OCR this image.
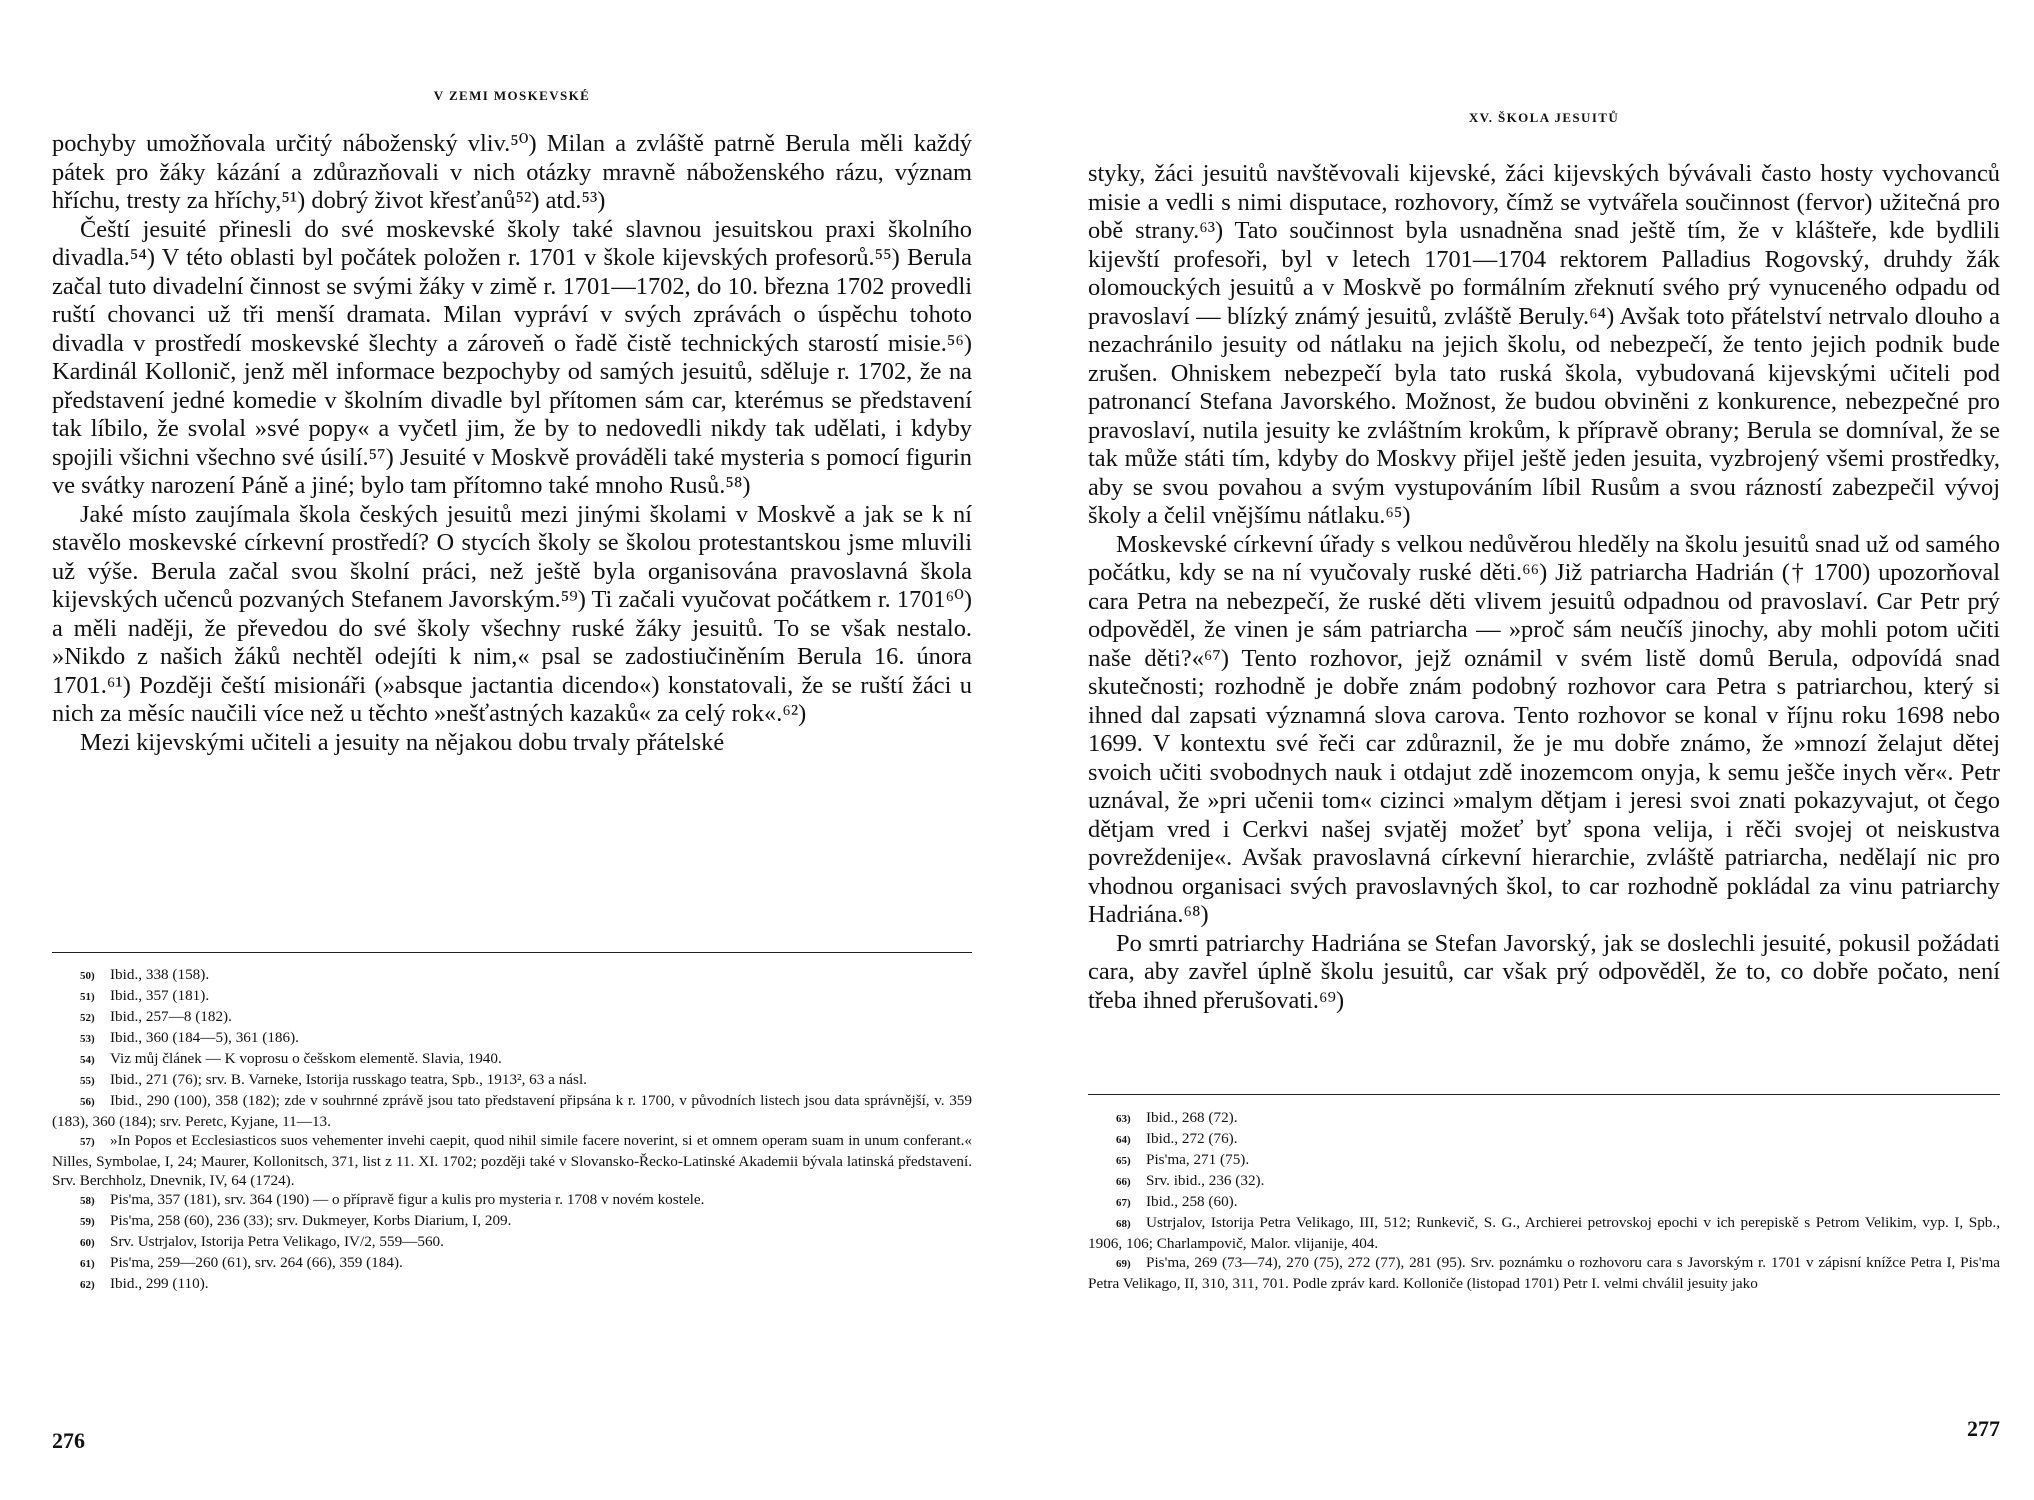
V ZEMI MOSKEVSKÉ

pochyby umožňovala určitý náboženský vliv.⁵⁰) Milan a zvláště patrně Berula měli každý pátek pro žáky kázání a zdůrazňovali v nich otázky mravně náboženského rázu, význam hříchu, tresty za hříchy,⁵¹) dobrý život křesťanů⁵²) atd.⁵³)

Čeští jesuité přinesli do své moskevské školy také slavnou jesuitskou praxi školního divadla.⁵⁴) V této oblasti byl počátek položen r. 1701 v škole kijevských profesorů.⁵⁵) Berula začal tuto divadelní činnost se svými žáky v zimě r. 1701—1702, do 10. března 1702 provedli ruští chovanci už tři menší dramata. Milan vypráví v svých zprávách o úspěchu tohoto divadla v prostředí moskevské šlechty a zároveň o řadě čistě technických starostí misie.⁵⁶) Kardinál Kollonič, jenž měl informace bezpochyby od samých jesuitů, sděluje r. 1702, že na představení jedné komedie v školním divadle byl přítomen sám car, kterémus se představení tak líbilo, že svolal »své popy« a vyčetl jim, že by to nedovedli nikdy tak udělati, i kdyby spojili všichni všechno své úsilí.⁵⁷) Jesuité v Moskvě prováděli také mysteria s pomocí figurin ve svátky narození Páně a jiné; bylo tam přítomno také mnoho Rusů.⁵⁸)

Jaké místo zaujímala škola českých jesuitů mezi jinými školami v Moskvě a jak se k ní stavělo moskevské církevní prostředí? O stycích školy se školou protestantskou jsme mluvili už výše. Berula začal svou školní práci, než ještě byla organisována pravoslavná škola kijevských učenců pozvaných Stefanem Javorským.⁵⁹) Ti začali vyučovat počátkem r. 1701⁶⁰) a měli naději, že převedou do své školy všechny ruské žáky jesuitů. To se však nestalo. »Nikdo z našich žáků nechtěl odejíti k nim,« psal se zadostiučiněním Berula 16. února 1701.⁶¹) Později čeští misionáři (»absque jactantia dicendo«) konstatovali, že se ruští žáci u nich za měsíc naučili více než u těchto »nešťastných kazaků« za celý rok«.⁶²)

Mezi kijevskými učiteli a jesuity na nějakou dobu trvaly přátelské

50) Ibid., 338 (158).
51) Ibid., 357 (181).
52) Ibid., 257—8 (182).
53) Ibid., 360 (184—5), 361 (186).
54) Viz můj článek — K voprosu o češskom elementě. Slavia, 1940.
55) Ibid., 271 (76); srv. B. Varneke, Istorija russkago teatra, Spb., 1913², 63 a násl.
56) Ibid., 290 (100), 358 (182); zde v souhrnné zprávě jsou tato představení připsána k r. 1700, v původních listech jsou data správnější, v. 359 (183), 360 (184); srv. Peretc, Kyjane, 11—13.
57) »In Popos et Ecclesiasticos suos vehementer invehi caepit, quod nihil simile facere noverint, si et omnem operam suam in unum conferant.« Nilles, Symbolae, I, 24; Maurer, Kollonitsch, 371, list z 11. XI. 1702; později také v Slovansko-Řecko-Latinské Akademii bývala latinská představení. Srv. Berchholz, Dnevnik, IV, 64 (1724).
58) Pis'ma, 357 (181), srv. 364 (190) — o přípravě figur a kulis pro mysteria r. 1708 v novém kostele.
59) Pis'ma, 258 (60), 236 (33); srv. Dukmeyer, Korbs Diarium, I, 209.
60) Srv. Ustrjalov, Istorija Petra Velikago, IV/2, 559—560.
61) Pis'ma, 259—260 (61), srv. 264 (66), 359 (184).
62) Ibid., 299 (110).
276
XV. ŠKOLA JESUITŮ

styky, žáci jesuitů navštěvovali kijevské, žáci kijevských bývávali často hosty vychovanců misie a vedli s nimi disputace, rozhovory, čímž se vytvářela součinnost (fervor) užitečná pro obě strany.⁶³) Tato součinnost byla usnadněna snad ještě tím, že v klášteře, kde bydlili kijevští profesoři, byl v letech 1701—1704 rektorem Palladius Rogovský, druhdy žák olomouckých jesuitů a v Moskvě po formálním zřeknutí svého prý vynuceného odpadu od pravoslaví — blízký známý jesuitů, zvláště Beruly.⁶⁴) Avšak toto přátelství netrvalo dlouho a nezachránilo jesuity od nátlaku na jejich školu, od nebezpečí, že tento jejich podnik bude zrušen. Ohniskem nebezpečí byla tato ruská škola, vybudovaná kijevskými učiteli pod patronancí Stefana Javorského. Možnost, že budou obviněni z konkurence, nebezpečné pro pravoslaví, nutila jesuity ke zvláštním krokům, k přípravě obrany; Berula se domníval, že se tak může státi tím, kdyby do Moskvy přijel ještě jeden jesuita, vyzbrojený všemi prostředky, aby se svou povahou a svým vystupováním líbil Rusům a svou rázností zabezpečil vývoj školy a čelil vnějšímu nátlaku.⁶⁵)

Moskevské církevní úřady s velkou nedůvěrou hleděly na školu jesuitů snad už od samého počátku, kdy se na ní vyučovaly ruské děti.⁶⁶) Již patriarcha Hadrián († 1700) upozorňoval cara Petra na nebezpečí, že ruské děti vlivem jesuitů odpadnou od pravoslaví. Car Petr prý odpověděl, že vinen je sám patriarcha — »proč sám neučíš jinochy, aby mohli potom učiti naše děti?«⁶⁷) Tento rozhovor, jejž oznámil v svém listě domů Berula, odpovídá snad skutečnosti; rozhodně je dobře znám podobný rozhovor cara Petra s patriarchou, který si ihned dal zapsati významná slova carova. Tento rozhovor se konal v říjnu roku 1698 nebo 1699. V kontextu své řeči car zdůraznil, že je mu dobře známo, že »mnozí želajut dětej svoich učiti svobodnych nauk i otdajut zdě inozemcom onyja, k semu ješče inych věr«. Petr uznával, že »pri učenii tom« cizinci »malym dětjam i jeresi svoi znati pokazyvajut, ot čego dětjam vred i Cerkvi našej svjatěj možeť byť spona velija, i rěči svojej ot neiskustva povreždenije«. Avšak pravoslavná církevní hierarchie, zvláště patriarcha, nedělají nic pro vhodnou organisaci svých pravoslavných škol, to car rozhodně pokládal za vinu patriarchy Hadriána.⁶⁸)

Po smrti patriarchy Hadriána se Stefan Javorský, jak se doslechli jesuité, pokusil požádati cara, aby zavřel úplně školu jesuitů, car však prý odpověděl, že to, co dobře počato, není třeba ihned přerušovati.⁶⁹)

63) Ibid., 268 (72).
64) Ibid., 272 (76).
65) Pis'ma, 271 (75).
66) Srv. ibid., 236 (32).
67) Ibid., 258 (60).
68) Ustrjalov, Istorija Petra Velikago, III, 512; Runkevič, S. G., Archierei petrovskoj epochi v ich perepiskě s Petrom Velikim, vyp. I, Spb., 1906, 106; Charlampovič, Malor. vlijanije, 404.
69) Pis'ma, 269 (73—74), 270 (75), 272 (77), 281 (95). Srv. poznámku o rozhovoru cara s Javorským r. 1701 v zápisní knížce Petra I, Pis'ma Petra Velikago, II, 310, 311, 701. Podle zpráv kard. Kolloniče (listopad 1701) Petr I. velmi chválil jesuity jako
277
